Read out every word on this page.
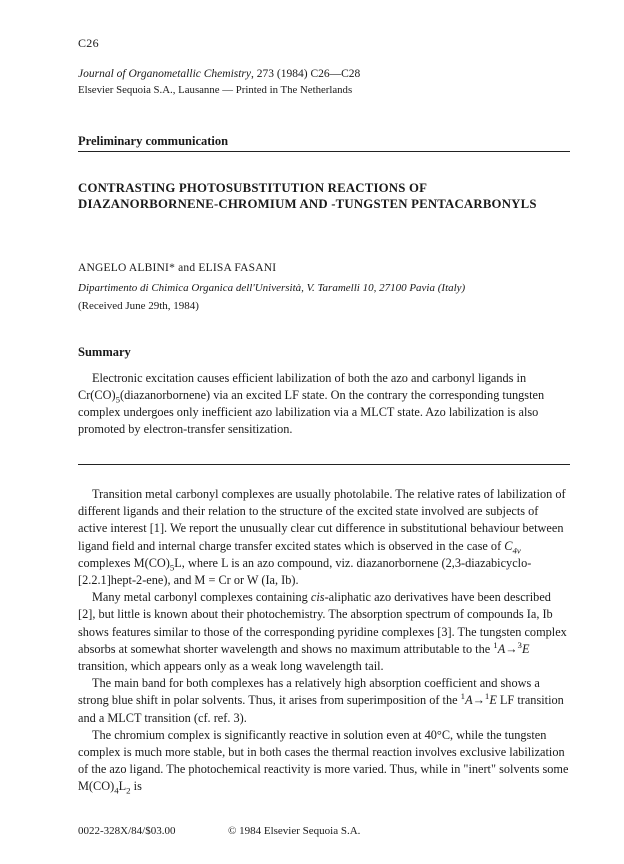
C26
Journal of Organometallic Chemistry, 273 (1984) C26—C28
Elsevier Sequoia S.A., Lausanne — Printed in The Netherlands
Preliminary communication
CONTRASTING PHOTOSUBSTITUTION REACTIONS OF DIAZANORBORNENE-CHROMIUM AND -TUNGSTEN PENTACARBONYLS
ANGELO ALBINI* and ELISA FASANI
Dipartimento di Chimica Organica dell'Università, V. Taramelli 10, 27100 Pavia (Italy)
(Received June 29th, 1984)
Summary

Electronic excitation causes efficient labilization of both the azo and carbonyl ligands in $Cr(CO)_5(diazanorbornene)$ via an excited LF state. On the contrary the corresponding tungsten complex undergoes only inefficient azo labilization via a MLCT state. Azo labilization is also promoted by electron-transfer sensitization.

Transition metal carbonyl complexes are usually photolabile. The relative rates of labilization of different ligands and their relation to the structure of the excited state involved are subjects of active interest [1]. We report the unusually clear cut difference in substitutional behaviour between ligand field and internal charge transfer excited states which is observed in the case of $C_{4v}$ complexes $M(CO)_5L$, where L is an azo compound, viz. diazanorbornene (2,3-diazabicyclo-[2.2.1]hept-2-ene), and M = Cr or W (Ia, Ib).

Many metal carbonyl complexes containing cis-aliphatic azo derivatives have been described [2], but little is known about their photochemistry. The absorption spectrum of compounds Ia, Ib shows features similar to those of the corresponding pyridine complexes [3]. The tungsten complex absorbs at somewhat shorter wavelength and shows no maximum attributable to the $^1$A→$^3$E transition, which appears only as a weak long wavelength tail.

The main band for both complexes has a relatively high absorption coefficient and shows a strong blue shift in polar solvents. Thus, it arises from superimposition of the $^1$A→$^1$E LF transition and a MLCT transition (cf. ref. 3).

The chromium complex is significantly reactive in solution even at 40°C, while the tungsten complex is much more stable, but in both cases the thermal reaction involves exclusive labilization of the azo ligand. The photochemical reactivity is more varied. Thus, while in "inert" solvents some $M(CO)_4L_2$ is

0022-328X/84/$03.00	© 1984 Elsevier Sequoia S.A.
